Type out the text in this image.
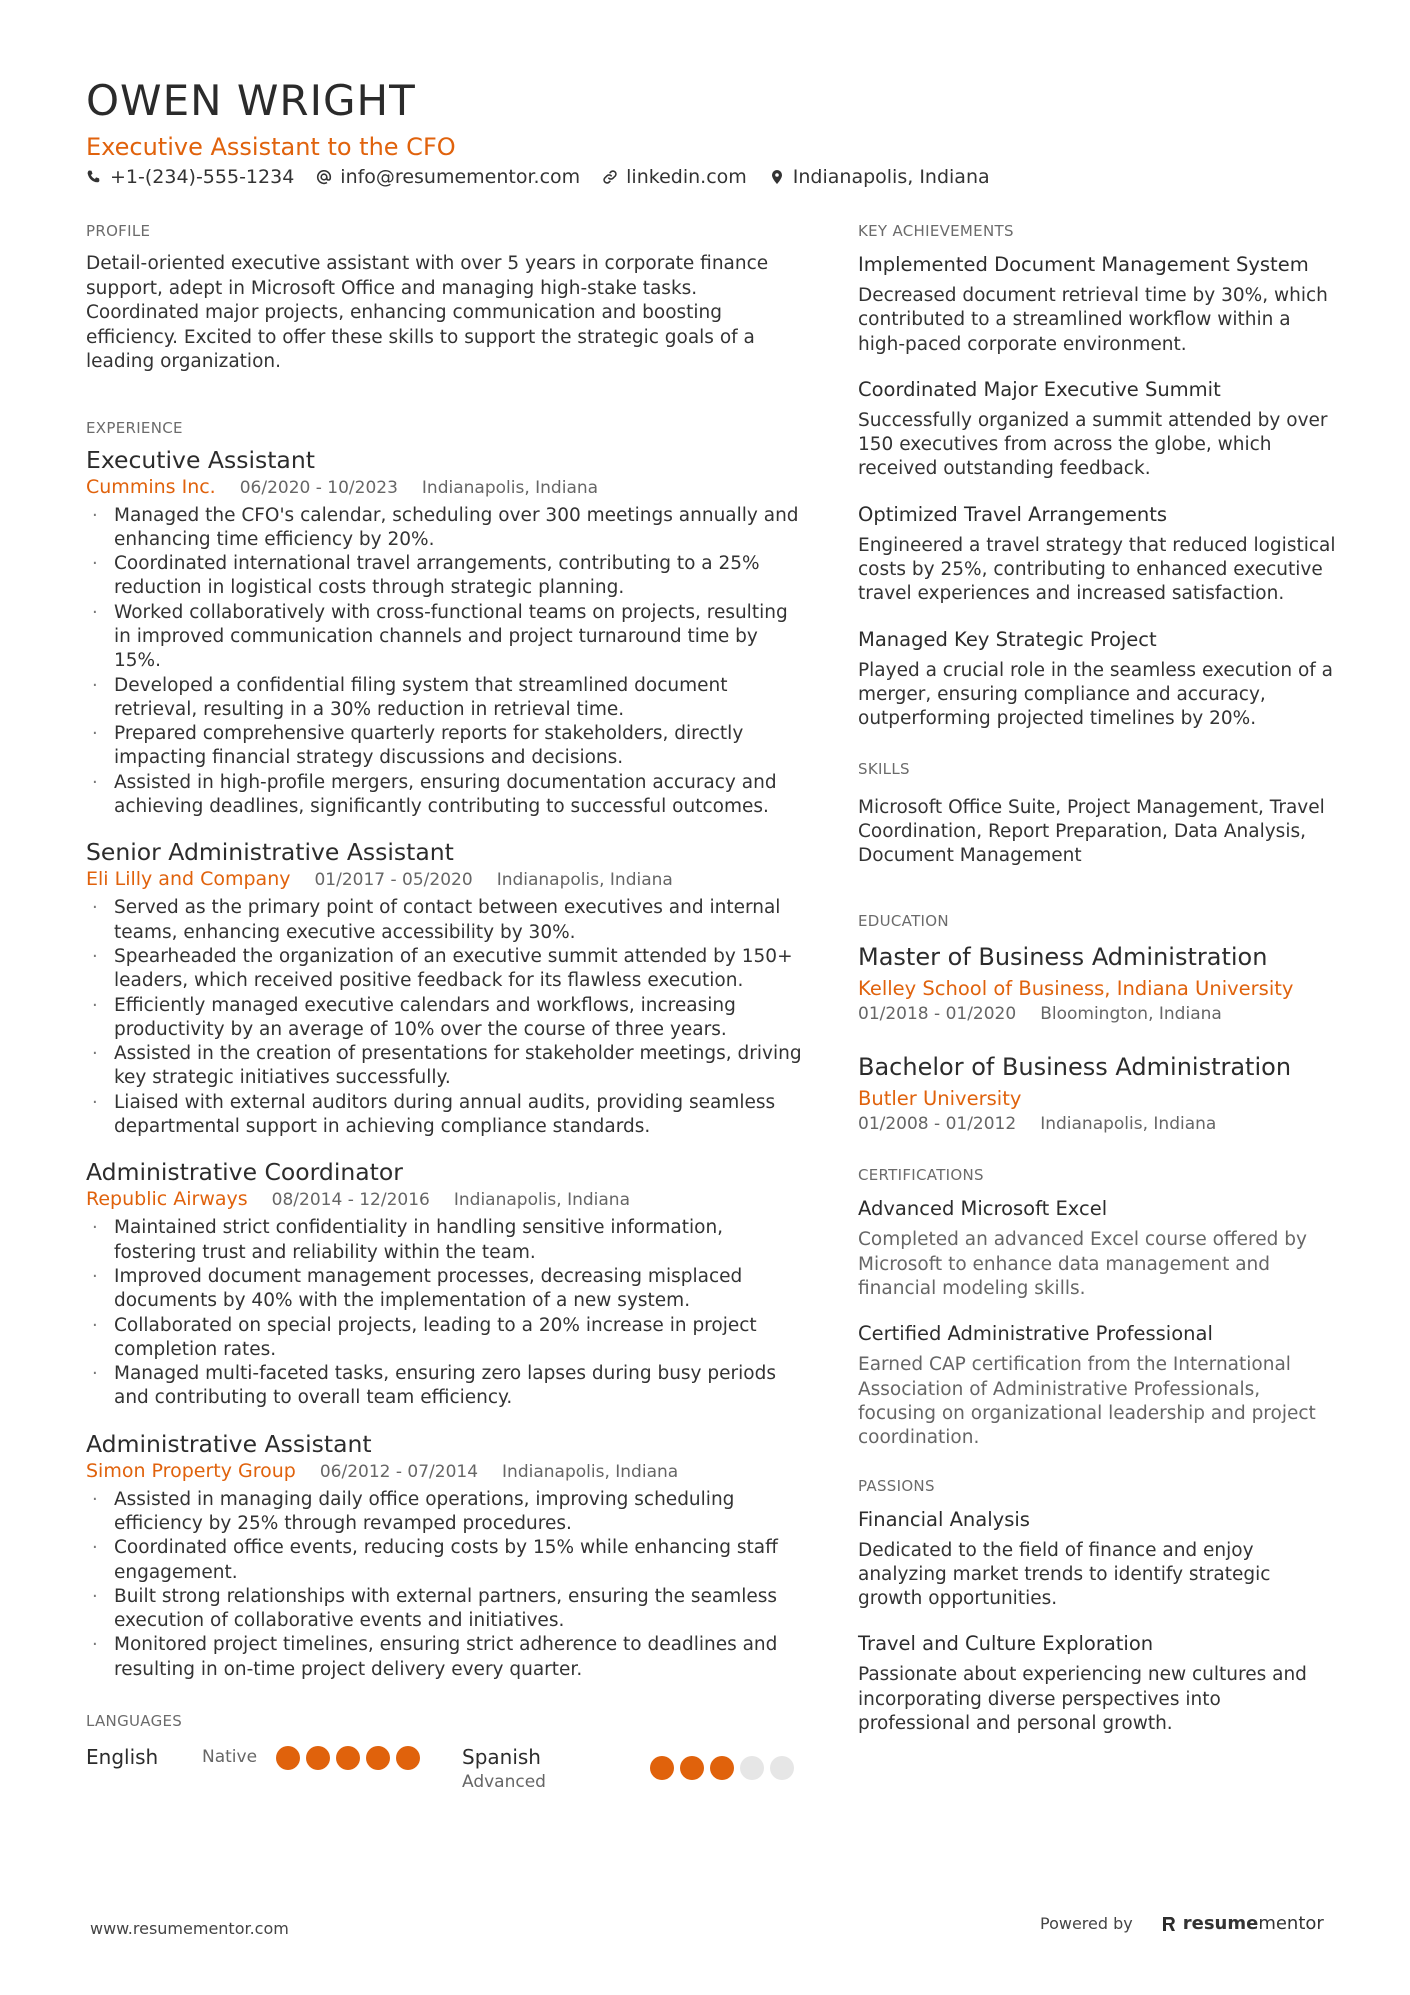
OWEN WRIGHT
Executive Assistant to the CFO
+1-(234)-555-1234 info@resumementor.com linkedin.com Indianapolis, Indiana
PROFILE

Detail-oriented executive assistant with over 5 years in corporate finance support, adept in Microsoft Office and managing high-stake tasks. Coordinated major projects, enhancing communication and boosting efficiency. Excited to offer these skills to support the strategic goals of a leading organization.

EXPERIENCE
Executive Assistant
Cummins Inc. 06/2020 - 10/2023 Indianapolis, Indiana
· Managed the CFO's calendar, scheduling over 300 meetings annually and enhancing time efficiency by 20%.
· Coordinated international travel arrangements, contributing to a 25% reduction in logistical costs through strategic planning.
· Worked collaboratively with cross-functional teams on projects, resulting in improved communication channels and project turnaround time by 15%.
· Developed a confidential filing system that streamlined document retrieval, resulting in a 30% reduction in retrieval time.
· Prepared comprehensive quarterly reports for stakeholders, directly impacting financial strategy discussions and decisions.
· Assisted in high-profile mergers, ensuring documentation accuracy and achieving deadlines, significantly contributing to successful outcomes.
Senior Administrative Assistant
Eli Lilly and Company 01/2017 - 05/2020 Indianapolis, Indiana
· Served as the primary point of contact between executives and internal teams, enhancing executive accessibility by 30%.
· Spearheaded the organization of an executive summit attended by 150+ leaders, which received positive feedback for its flawless execution.
· Efficiently managed executive calendars and workflows, increasing productivity by an average of 10% over the course of three years.
· Assisted in the creation of presentations for stakeholder meetings, driving key strategic initiatives successfully.
· Liaised with external auditors during annual audits, providing seamless departmental support in achieving compliance standards.
Administrative Coordinator
Republic Airways 08/2014 - 12/2016 Indianapolis, Indiana
· Maintained strict confidentiality in handling sensitive information, fostering trust and reliability within the team.
· Improved document management processes, decreasing misplaced documents by 40% with the implementation of a new system.
· Collaborated on special projects, leading to a 20% increase in project completion rates.
· Managed multi-faceted tasks, ensuring zero lapses during busy periods and contributing to overall team efficiency.
Administrative Assistant
Simon Property Group 06/2012 - 07/2014 Indianapolis, Indiana
· Assisted in managing daily office operations, improving scheduling efficiency by 25% through revamped procedures.
· Coordinated office events, reducing costs by 15% while enhancing staff engagement.
· Built strong relationships with external partners, ensuring the seamless execution of collaborative events and initiatives.
· Monitored project timelines, ensuring strict adherence to deadlines and resulting in on-time project delivery every quarter.
LANGUAGES
English	Native	Spanish
Advanced
KEY ACHIEVEMENTS
Implemented Document Management System
Decreased document retrieval time by 30%, which contributed to a streamlined workflow within a high-paced corporate environment.
Coordinated Major Executive Summit
Successfully organized a summit attended by over 150 executives from across the globe, which received outstanding feedback.
Optimized Travel Arrangements
Engineered a travel strategy that reduced logistical costs by 25%, contributing to enhanced executive travel experiences and increased satisfaction.
Managed Key Strategic Project
Played a crucial role in the seamless execution of a merger, ensuring compliance and accuracy, outperforming projected timelines by 20%.
SKILLS

Microsoft Office Suite, Project Management, Travel Coordination, Report Preparation, Data Analysis, Document Management

EDUCATION
Master of Business Administration
Kelley School of Business, Indiana University
01/2018 - 01/2020 Bloomington, Indiana
Bachelor of Business Administration
Butler University
01/2008 - 01/2012 Indianapolis, Indiana
CERTIFICATIONS
Advanced Microsoft Excel
Completed an advanced Excel course offered by Microsoft to enhance data management and financial modeling skills.
Certified Administrative Professional
Earned CAP certification from the International Association of Administrative Professionals, focusing on organizational leadership and project coordination.
PASSIONS
Financial Analysis
Dedicated to the field of finance and enjoy analyzing market trends to identify strategic growth opportunities.
Travel and Culture Exploration
Passionate about experiencing new cultures and incorporating diverse perspectives into professional and personal growth.
www.resumementor.com	Powered by	resume mentor
